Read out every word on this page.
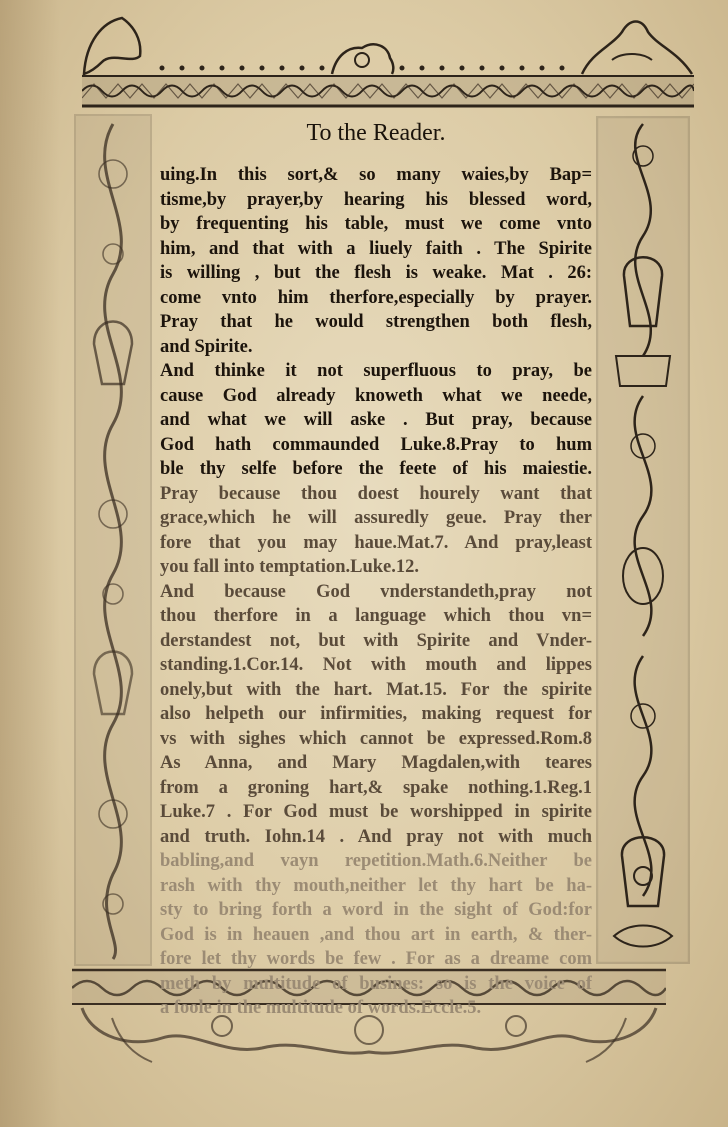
To the Reader.
uing.In this sort,& so many waies,by Bap=
tisme,by prayer,by hearing his blessed word,
by frequenting his table, must we come vnto
him, and that with a liuely faith . The Spirite
is willing , but the flesh is weake. Mat . 26:
come vnto him therfore,especially by prayer.
Pray that he would strengthen both flesh,
and Spirite.
And thinke it not superfluous to pray, be
cause God already knoweth what we neede,
and what we will aske . But pray, because
God hath commaunded Luke.8.Pray to hum
ble thy selfe before the feete of his maiestie.
Pray because thou doest hourely want that
grace,which he will assuredly geue. Pray ther
fore that you may haue.Mat.7. And pray,least
you fall into temptation.Luke.12.
And because God vnderstandeth,pray not
thou therfore in a language which thou vn=
derstandest not, but with Spirite and Vnder-
standing.1.Cor.14. Not with mouth and lippes
onely,but with the hart. Mat.15. For the spirite
also helpeth our infirmities, making request for
vs with sighes which cannot be expressed.Rom.8
As Anna, and Mary Magdalen,with teares
from a groning hart,& spake nothing.1.Reg.1
Luke.7 . For God must be worshipped in spirite
and truth. Iohn.14 . And pray not with much
babling,and vayn repetition.Math.6.Neither be
rash with thy mouth,neither let thy hart be ha-
sty to bring forth a word in the sight of God:for
God is in heauen ,and thou art in earth, & ther-
fore let thy words be few . For as a dreame com
meth by multitude of busines: so is the voice of
a foole in the multitude of words.Eccle.5.
